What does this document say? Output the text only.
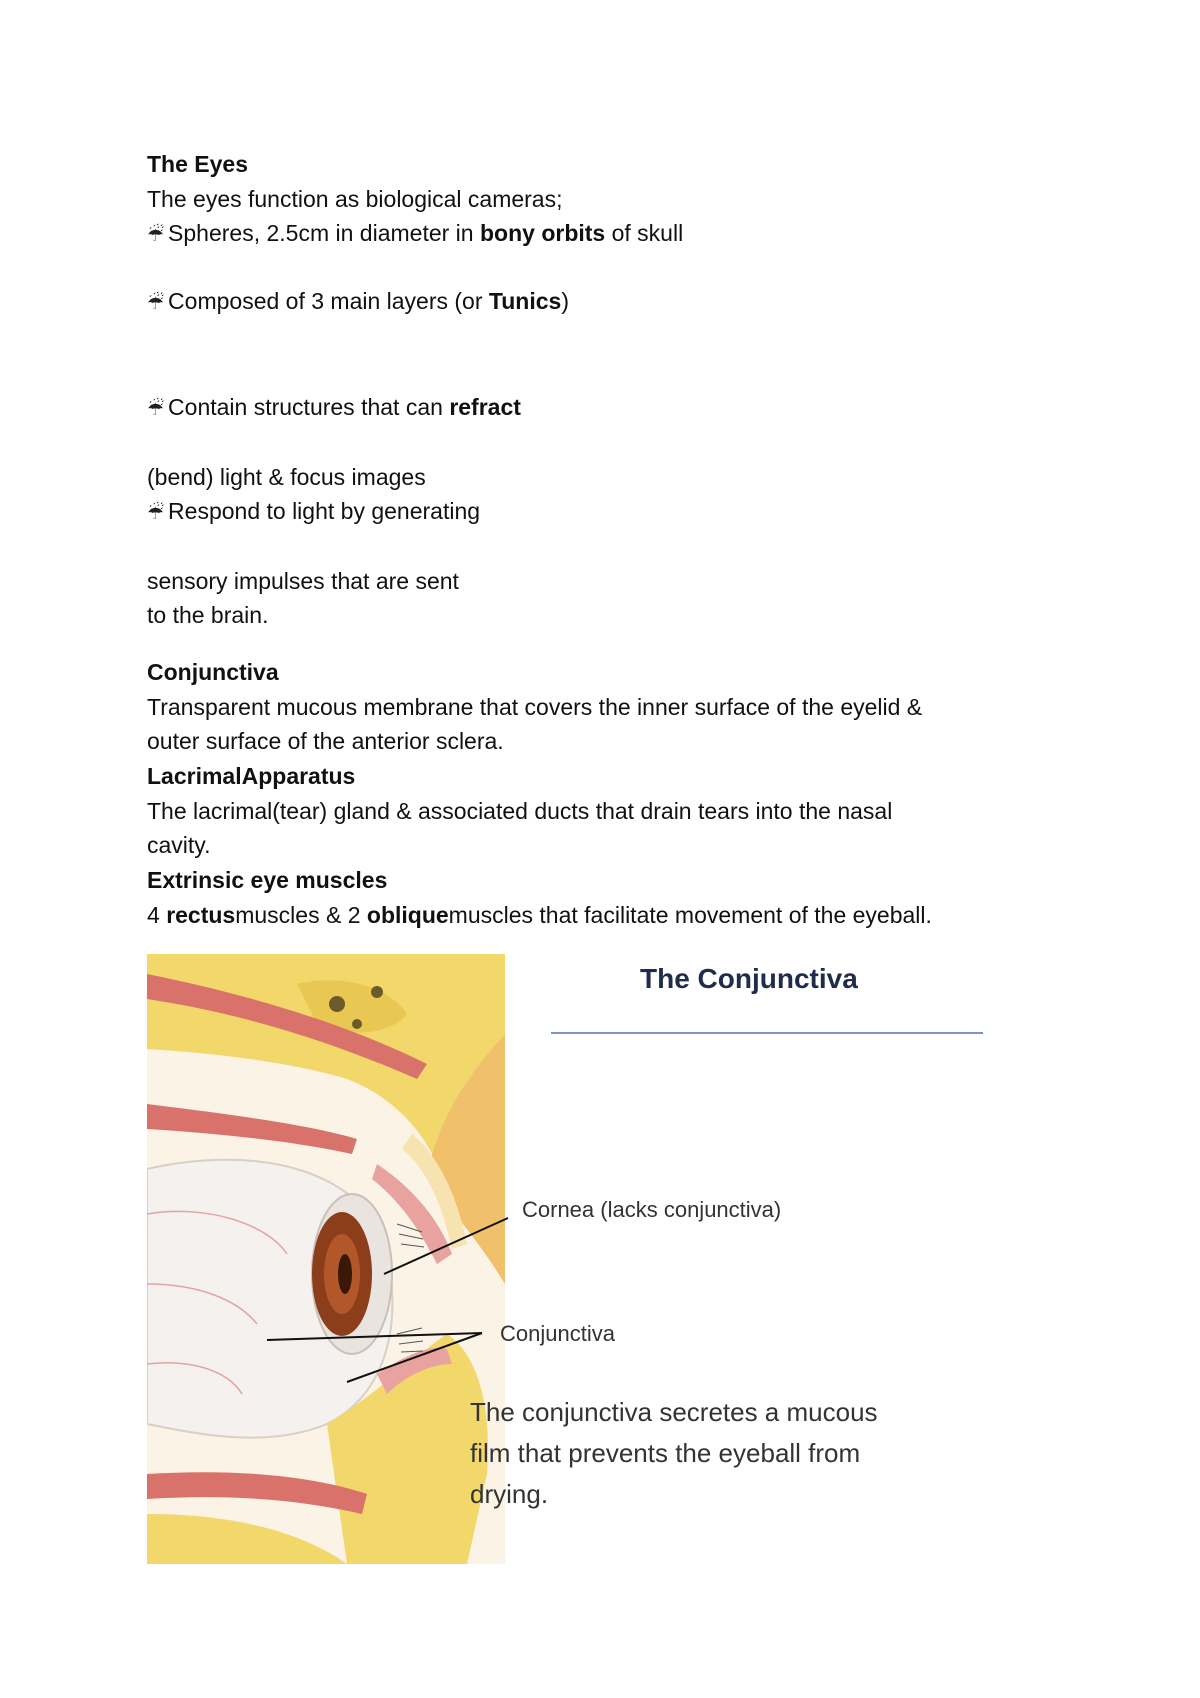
The Eyes
The eyes function as biological cameras;
☔ Spheres, 2.5cm in diameter in bony orbits of skull
☔ Composed of 3 main layers (or Tunics)
☔ Contain structures that can refract
(bend) light & focus images
☔ Respond to light by generating
sensory impulses that are sent
to the brain.
Conjunctiva
Transparent mucous membrane that covers the inner surface of the eyelid &
outer surface of the anterior sclera.
LacrimalApparatus
The lacrimal(tear) gland & associated ducts that drain tears into the nasal
cavity.
Extrinsic eye muscles
4 rectusmuscles & 2 obliquemuscles that facilitate movement of the eyeball.
The Conjunctiva
Cornea (lacks conjunctiva)
Conjunctiva
The conjunctiva secretes a mucous
film that prevents the eyeball from
drying.
